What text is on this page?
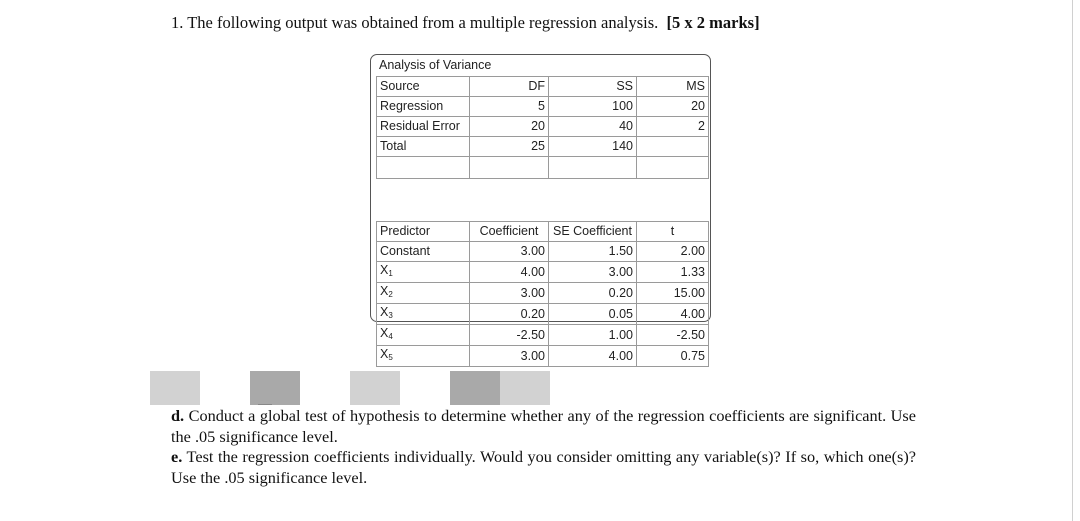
1. The following output was obtained from a multiple regression analysis. [5 x 2 marks]
Analysis of Variance
Source	DF	SS	MS
Regression	5	100	20
Residual Error	20	40	2
Total	25	140	

Predictor	Coefficient	SE Coefficient	t
Constant	3.00	1.50	2.00
$X_1$	4.00	3.00	1.33
$X_2$	3.00	0.20	15.00
$X_3$	0.20	0.05	4.00
$X_4$	-2.50	1.00	-2.50
$X_5$	3.00	4.00	0.75

d. Conduct a global test of hypothesis to determine whether any of the regression coefficients are significant. Use the .05 significance level.

e. Test the regression coefficients individually. Would you consider omitting any variable(s)? If so, which one(s)? Use the .05 significance level.
